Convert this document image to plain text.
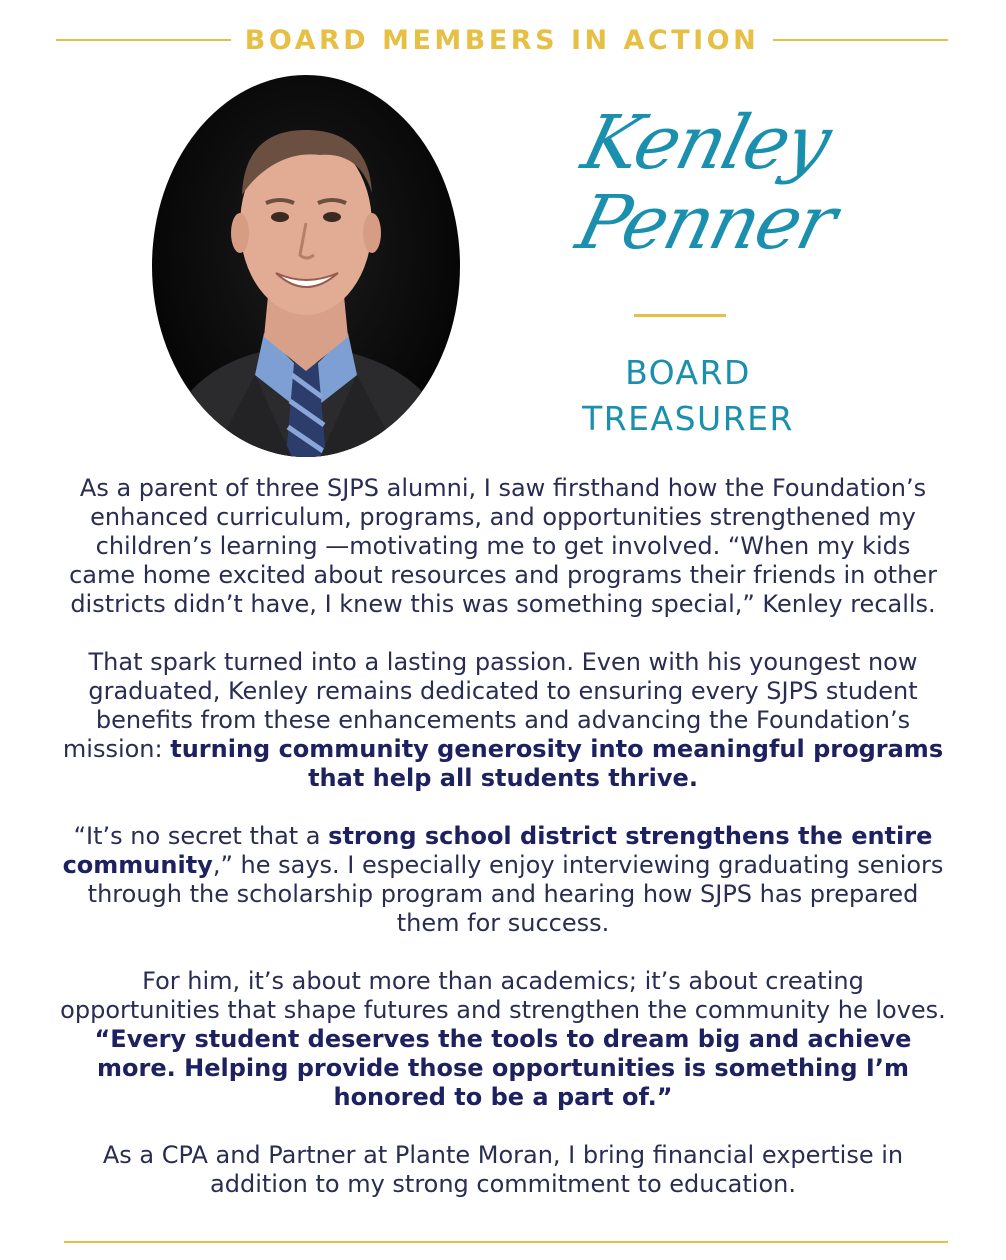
BOARD MEMBERS IN ACTION
Kenley
Penner
BOARD
TREASURER

As a parent of three SJPS alumni, I saw firsthand how the Foundation’s enhanced curriculum, programs, and opportunities strengthened my children’s learning —motivating me to get involved. “When my kids came home excited about resources and programs their friends in other districts didn’t have, I knew this was something special,” Kenley recalls.

That spark turned into a lasting passion. Even with his youngest now graduated, Kenley remains dedicated to ensuring every SJPS student benefits from these enhancements and advancing the Foundation’s mission: turning community generosity into meaningful programs that help all students thrive.

“It’s no secret that a strong school district strengthens the entire community,” he says. I especially enjoy interviewing graduating seniors through the scholarship program and hearing how SJPS has prepared them for success.

For him, it’s about more than academics; it’s about creating opportunities that shape futures and strengthen the community he loves. “Every student deserves the tools to dream big and achieve more. Helping provide those opportunities is something I’m honored to be a part of.”

As a CPA and Partner at Plante Moran, I bring financial expertise in addition to my strong commitment to education.
